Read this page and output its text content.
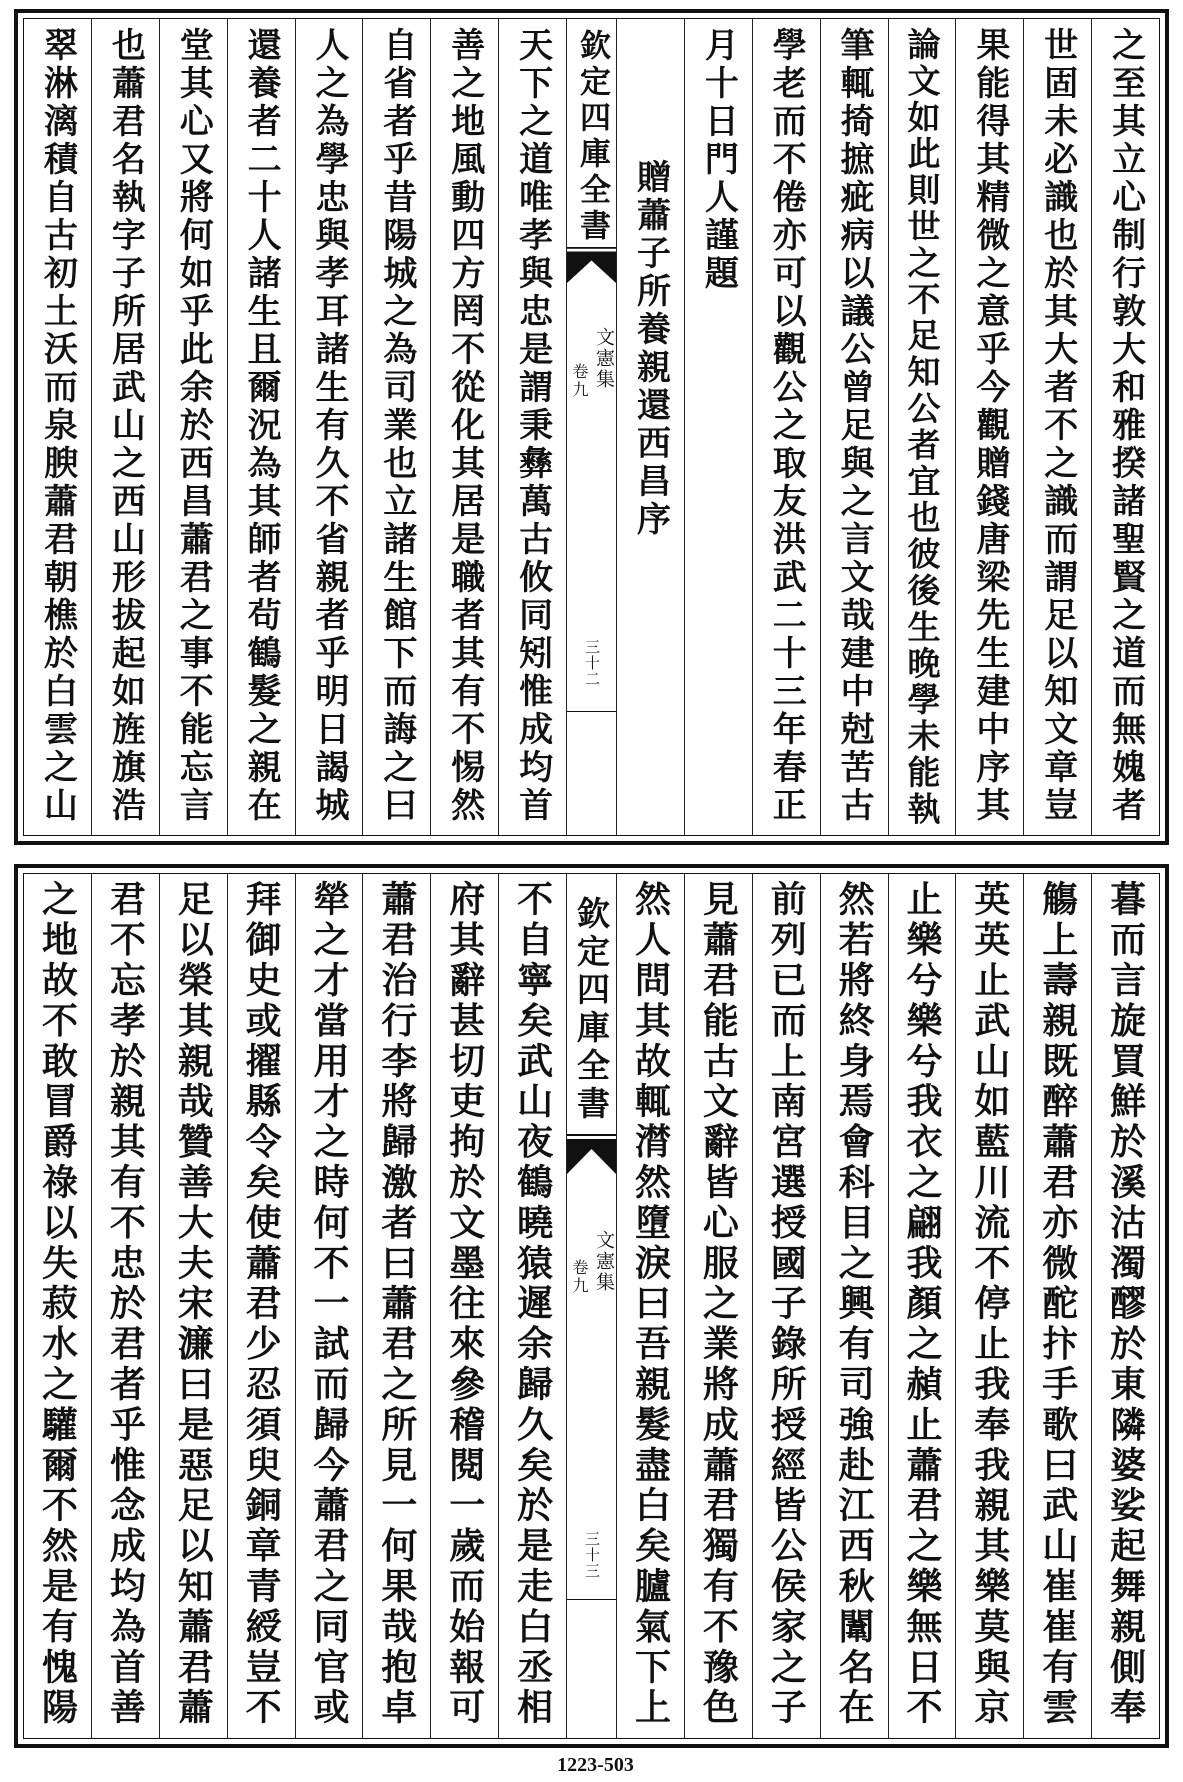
之至其立心制行敦大和雅揆諸聖賢之道而無媿者
世固未必識也於其大者不之識而謂足以知文章豈
果能得其精微之意乎今觀贈錢唐梁先生建中序其
論文如此則世之不足知公者宜也彼後生晚學未能執
筆輒掎摭疵病以議公曾足與之言文哉建中尅苦古
學老而不倦亦可以觀公之取友洪武二十三年春正
月十日門人謹題
贈蕭子所養親還西昌序
欽定四庫全書
文憲集
卷九
三十二
天下之道唯孝與忠是謂秉彝萬古攸同矧惟成均首
善之地風動四方罔不從化其居是職者其有不惕然
自省者乎昔陽城之為司業也立諸生館下而誨之曰
人之為學忠與孝耳諸生有久不省親者乎明日謁城
還養者二十人諸生且爾況為其師者茍鶴髮之親在
堂其心又將何如乎此余於西昌蕭君之事不能忘言
也蕭君名執字子所居武山之西山形拔起如旌旗浩
翠淋漓積自古初土沃而泉腴蕭君朝樵於白雲之山
暮而言旋買鮮於溪沽濁醪於東隣婆娑起舞親側奉
觴上壽親既醉蕭君亦微酡抃手歌曰武山崔崔有雲
英英止武山如藍川流不停止我奉我親其樂莫與京
止樂兮樂兮我衣之翩我顏之赬止蕭君之樂無日不
然若將終身焉會科目之興有司強赴江西秋闈名在
前列已而上南宮選授國子錄所授經皆公侯家之子
見蕭君能古文辭皆心服之業將成蕭君獨有不豫色
然人問其故輒潸然墮淚曰吾親髮盡白矣臚氣下上
欽定四庫全書
文憲集
卷九
三十三
不自寧矣武山夜鶴曉猿遲余歸久矣於是走白丞相
府其辭甚切吏拘於文墨往來參稽閱一歲而始報可
蕭君治行李將歸激者曰蕭君之所見一何果哉抱卓
犖之才當用才之時何不一試而歸今蕭君之同官或
拜御史或擢縣令矣使蕭君少忍須臾銅章青綬豈不
足以榮其親哉贊善大夫宋濂曰是惡足以知蕭君蕭
君不忘孝於親其有不忠於君者乎惟念成均為首善
之地故不敢冒爵祿以失菽水之驩爾不然是有愧陽
1223-503
